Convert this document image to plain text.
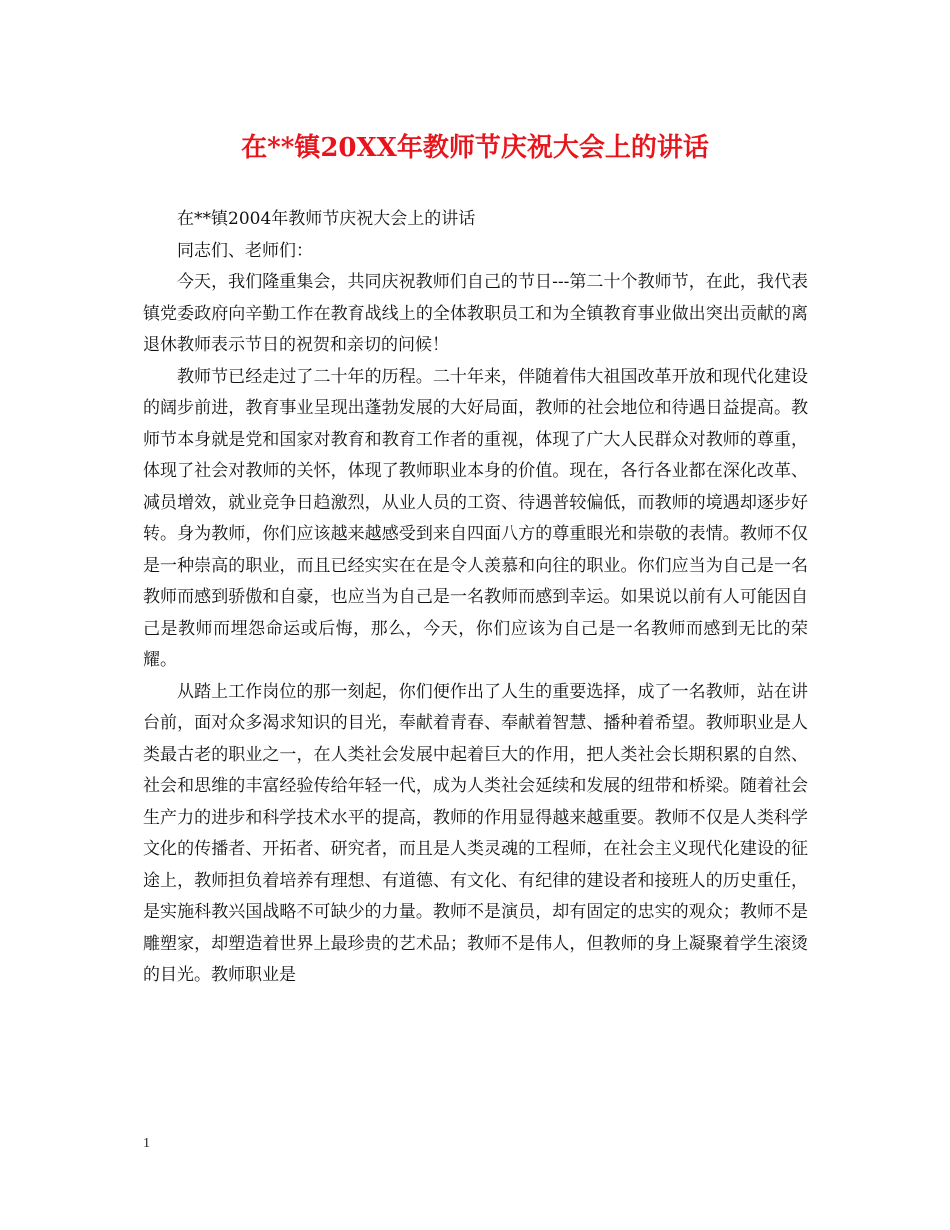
在**镇20XX年教师节庆祝大会上的讲话

在**镇2004年教师节庆祝大会上的讲话

同志们、老师们：

今天，我们隆重集会，共同庆祝教师们自己的节日---第二十个教师节，在此，我代表镇党委政府向辛勤工作在教育战线上的全体教职员工和为全镇教育事业做出突出贡献的离退休教师表示节日的祝贺和亲切的问候！

教师节已经走过了二十年的历程。二十年来，伴随着伟大祖国改革开放和现代化建设的阔步前进，教育事业呈现出蓬勃发展的大好局面，教师的社会地位和待遇日益提高。教师节本身就是党和国家对教育和教育工作者的重视，体现了广大人民群众对教师的尊重，体现了社会对教师的关怀，体现了教师职业本身的价值。现在，各行各业都在深化改革、减员增效，就业竞争日趋激烈，从业人员的工资、待遇普较偏低，而教师的境遇却逐步好转。身为教师，你们应该越来越感受到来自四面八方的尊重眼光和崇敬的表情。教师不仅是一种崇高的职业，而且已经实实在在是令人羡慕和向往的职业。你们应当为自己是一名教师而感到骄傲和自豪，也应当为自己是一名教师而感到幸运。如果说以前有人可能因自己是教师而埋怨命运或后悔，那么，今天，你们应该为自己是一名教师而感到无比的荣耀。

从踏上工作岗位的那一刻起，你们便作出了人生的重要选择，成了一名教师，站在讲台前，面对众多渴求知识的目光，奉献着青春、奉献着智慧、播种着希望。教师职业是人类最古老的职业之一，在人类社会发展中起着巨大的作用，把人类社会长期积累的自然、社会和思维的丰富经验传给年轻一代，成为人类社会延续和发展的纽带和桥梁。随着社会生产力的进步和科学技术水平的提高，教师的作用显得越来越重要。教师不仅是人类科学文化的传播者、开拓者、研究者，而且是人类灵魂的工程师，在社会主义现代化建设的征途上，教师担负着培养有理想、有道德、有文化、有纪律的建设者和接班人的历史重任，是实施科教兴国战略不可缺少的力量。教师不是演员，却有固定的忠实的观众；教师不是雕塑家，却塑造着世界上最珍贵的艺术品；教师不是伟人，但教师的身上凝聚着学生滚烫的目光。教师职业是

1
